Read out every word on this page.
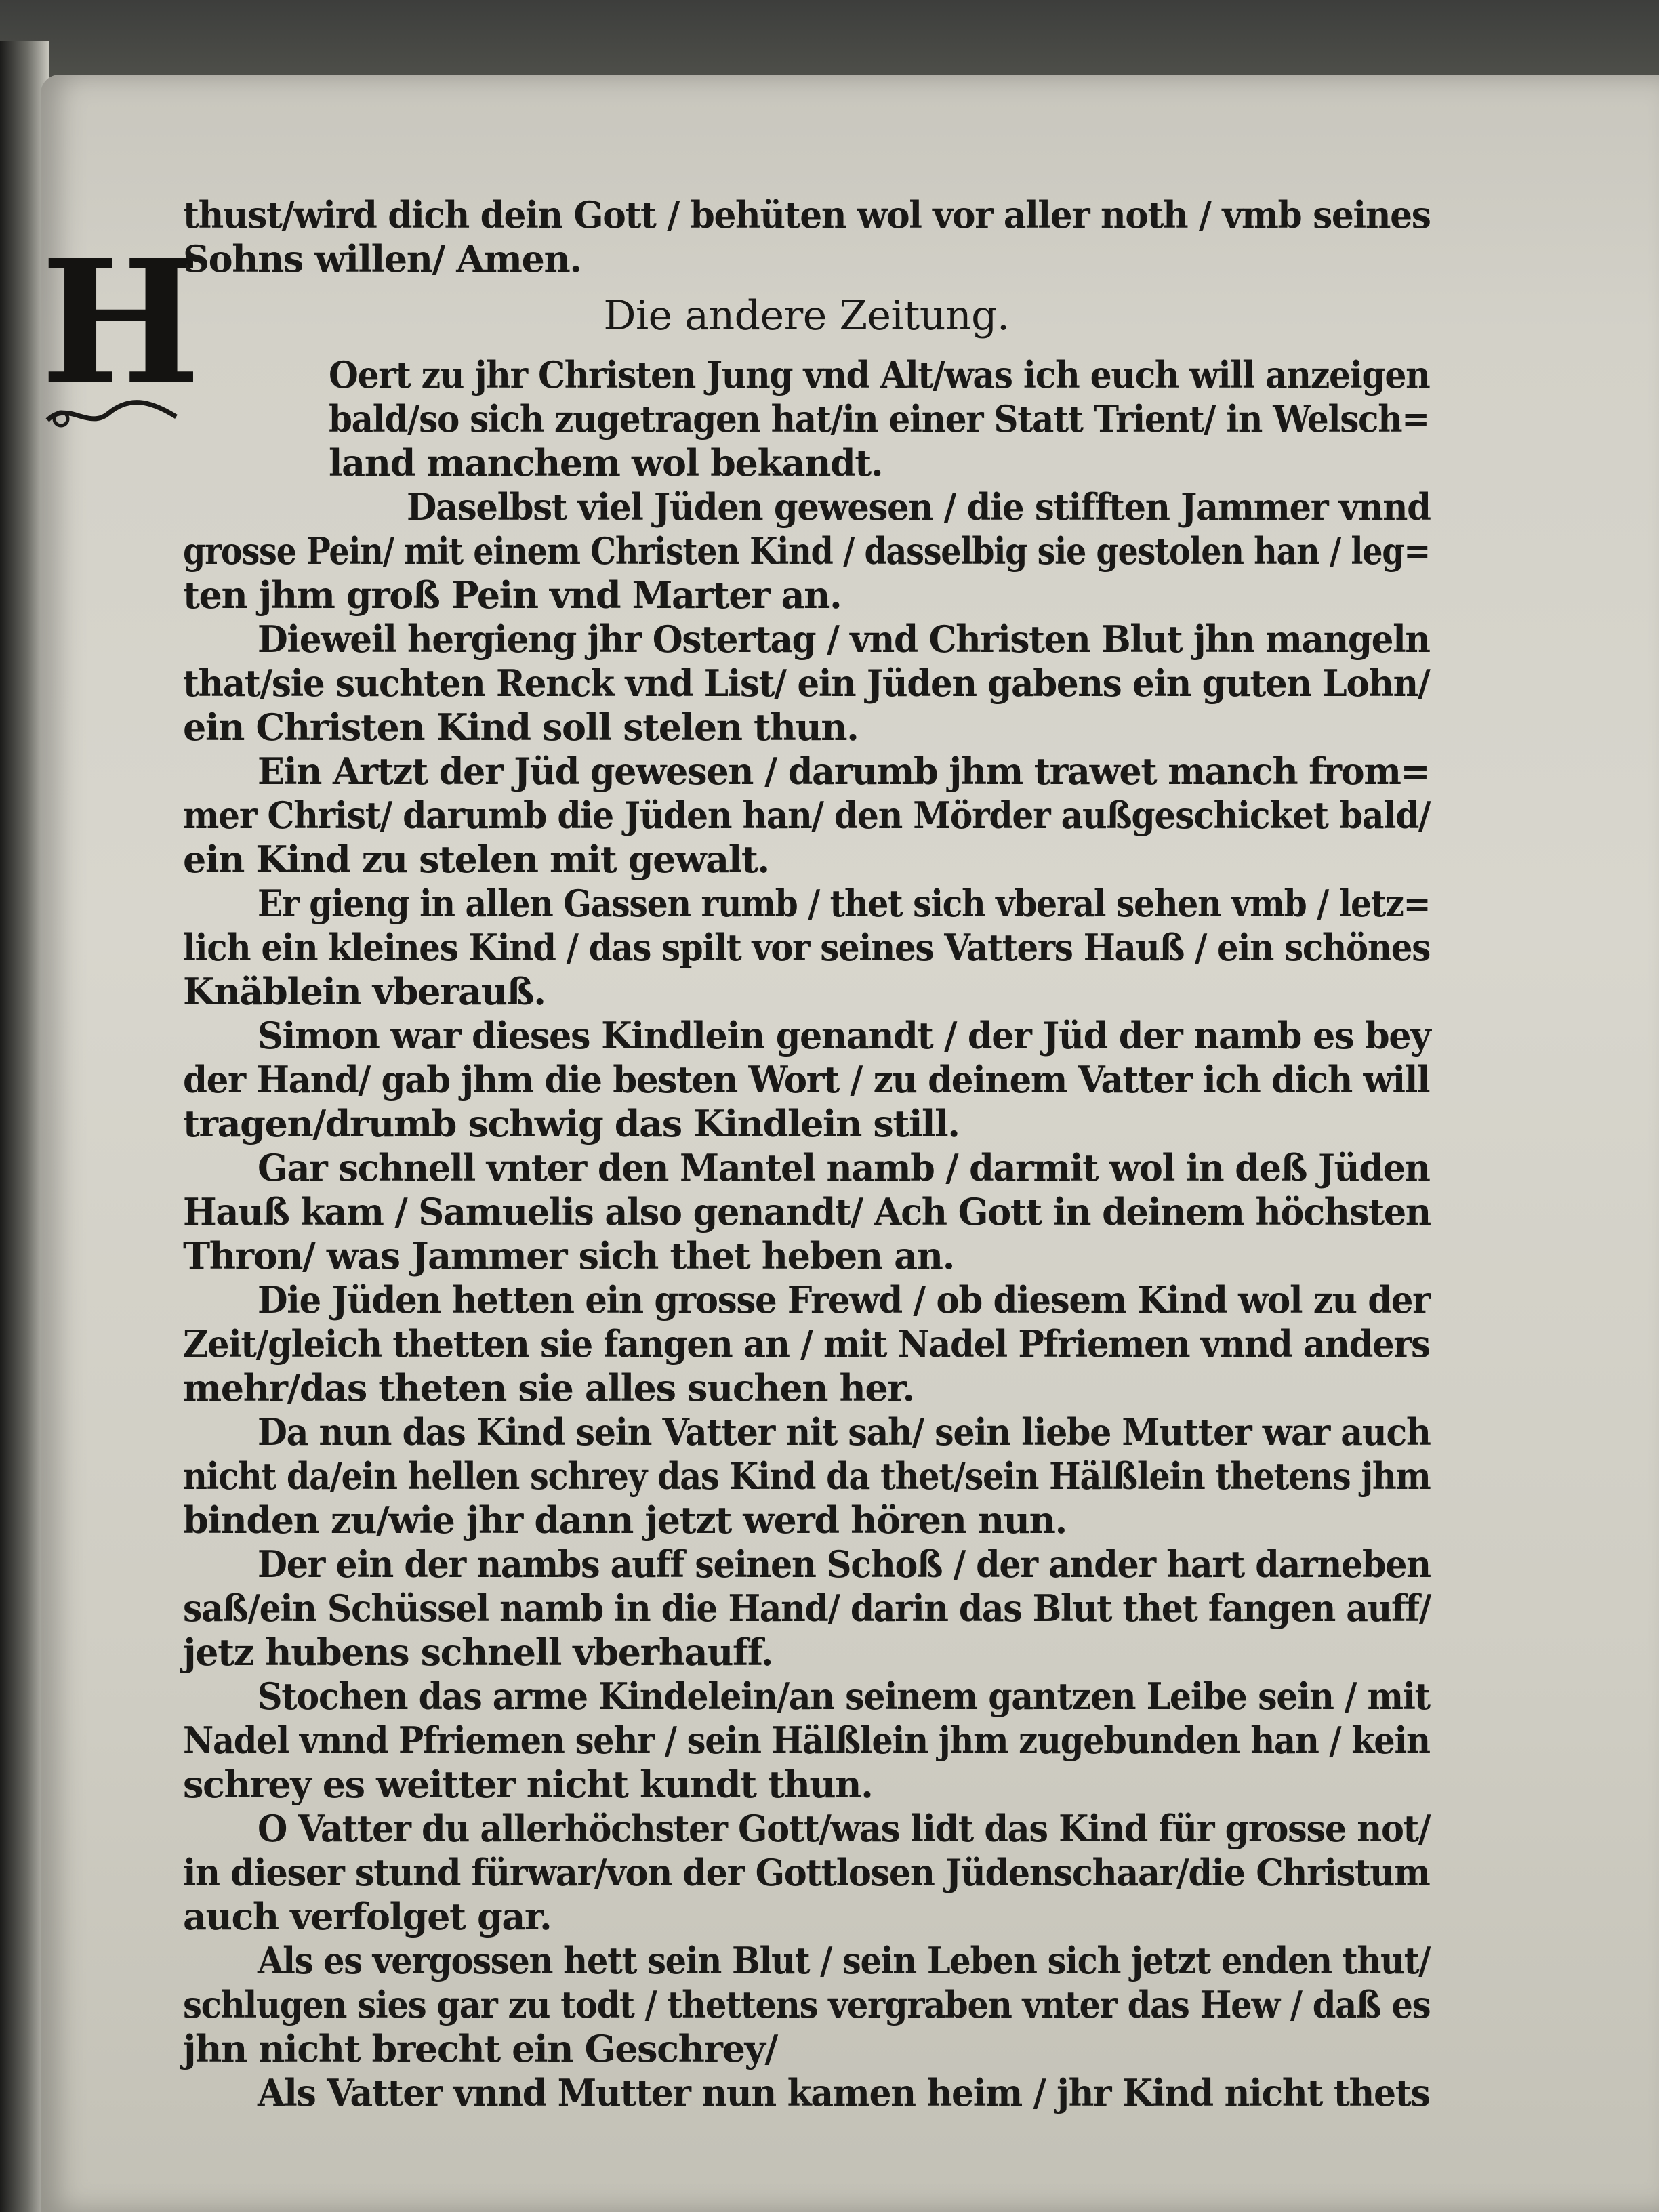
H
thust/wird dich dein Gott / behüten wol vor aller noth / vmb seines
Sohns willen/ Amen.
Die andere Zeitung.
Oert zu jhr Christen Jung vnd Alt/was ich euch will anzeigen
bald/so sich zugetragen hat/in einer Statt Trient/ in Welsch=
land manchem wol bekandt.
Daselbst viel Jüden gewesen / die stifften Jammer vnnd
grosse Pein/ mit einem Christen Kind / dasselbig sie gestolen han / leg=
ten jhm groß Pein vnd Marter an.
Dieweil hergieng jhr Ostertag / vnd Christen Blut jhn mangeln
that/sie suchten Renck vnd List/ ein Jüden gabens ein guten Lohn/
ein Christen Kind soll stelen thun.
Ein Artzt der Jüd gewesen / darumb jhm trawet manch from=
mer Christ/ darumb die Jüden han/ den Mörder außgeschicket bald/
ein Kind zu stelen mit gewalt.
Er gieng in allen Gassen rumb / thet sich vberal sehen vmb / letz=
lich ein kleines Kind / das spilt vor seines Vatters Hauß / ein schönes
Knäblein vberauß.
Simon war dieses Kindlein genandt / der Jüd der namb es bey
der Hand/ gab jhm die besten Wort / zu deinem Vatter ich dich will
tragen/drumb schwig das Kindlein still.
Gar schnell vnter den Mantel namb / darmit wol in deß Jüden
Hauß kam / Samuelis also genandt/ Ach Gott in deinem höchsten
Thron/ was Jammer sich thet heben an.
Die Jüden hetten ein grosse Frewd / ob diesem Kind wol zu der
Zeit/gleich thetten sie fangen an / mit Nadel Pfriemen vnnd anders
mehr/das theten sie alles suchen her.
Da nun das Kind sein Vatter nit sah/ sein liebe Mutter war auch
nicht da/ein hellen schrey das Kind da thet/sein Hälßlein thetens jhm
binden zu/wie jhr dann jetzt werd hören nun.
Der ein der nambs auff seinen Schoß / der ander hart darneben
saß/ein Schüssel namb in die Hand/ darin das Blut thet fangen auff/
jetz hubens schnell vberhauff.
Stochen das arme Kindelein/an seinem gantzen Leibe sein / mit
Nadel vnnd Pfriemen sehr / sein Hälßlein jhm zugebunden han / kein
schrey es weitter nicht kundt thun.
O Vatter du allerhöchster Gott/was lidt das Kind für grosse not/
in dieser stund fürwar/von der Gottlosen Jüdenschaar/die Christum
auch verfolget gar.
Als es vergossen hett sein Blut / sein Leben sich jetzt enden thut/
schlugen sies gar zu todt / thettens vergraben vnter das Hew / daß es
jhn nicht brecht ein Geschrey/
Als Vatter vnnd Mutter nun kamen heim / jhr Kind nicht thets
